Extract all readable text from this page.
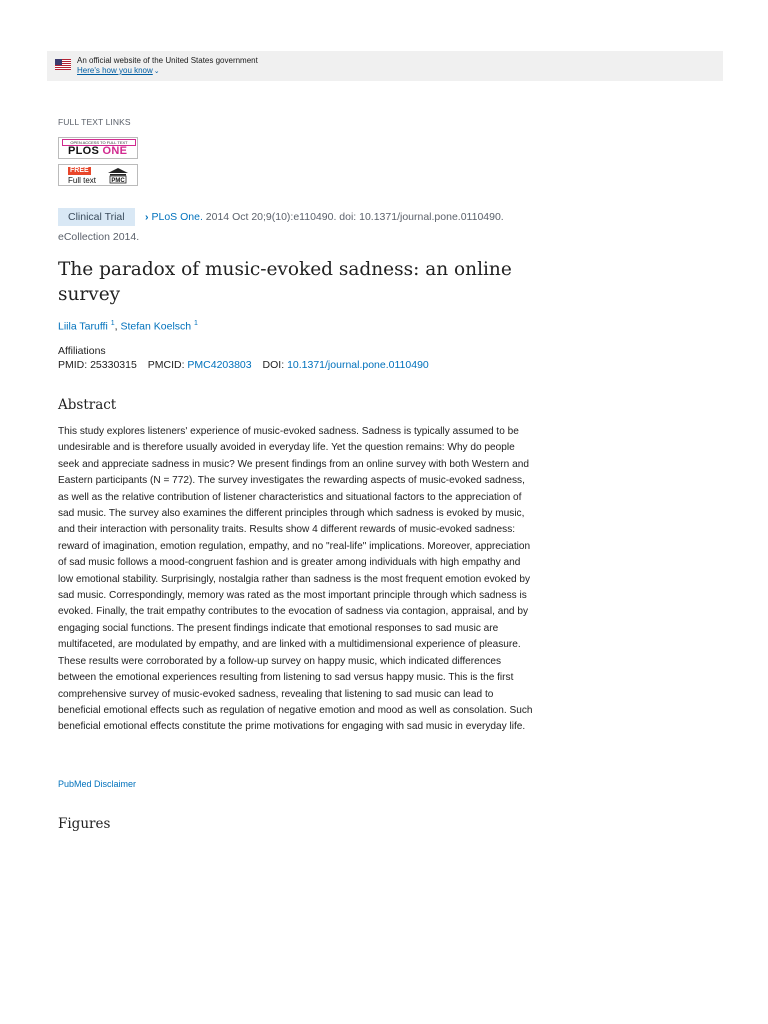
An official website of the United States government
Here's how you know⌄
FULL TEXT LINKS
OPEN ACCESS TO FULL TEXT
PLOS ONE
FREE
Full text	PMC
Clinical Trial	› PLoS One. 2014 Oct 20;9(10):e110490. doi: 10.1371/journal.pone.0110490.
eCollection 2014.
The paradox of music-evoked sadness: an online survey
Liila Taruffi $^1$, Stefan Koelsch $^1$
Affiliations
PMID: 25330315 PMCID: PMC4203803 DOI: 10.1371/journal.pone.0110490
Abstract

This study explores listeners' experience of music-evoked sadness. Sadness is typically assumed to be undesirable and is therefore usually avoided in everyday life. Yet the question remains: Why do people seek and appreciate sadness in music? We present findings from an online survey with both Western and Eastern participants (N = 772). The survey investigates the rewarding aspects of music-evoked sadness, as well as the relative contribution of listener characteristics and situational factors to the appreciation of sad music. The survey also examines the different principles through which sadness is evoked by music, and their interaction with personality traits. Results show 4 different rewards of music-evoked sadness: reward of imagination, emotion regulation, empathy, and no "real-life" implications. Moreover, appreciation of sad music follows a mood-congruent fashion and is greater among individuals with high empathy and low emotional stability. Surprisingly, nostalgia rather than sadness is the most frequent emotion evoked by sad music. Correspondingly, memory was rated as the most important principle through which sadness is evoked. Finally, the trait empathy contributes to the evocation of sadness via contagion, appraisal, and by engaging social functions. The present findings indicate that emotional responses to sad music are multifaceted, are modulated by empathy, and are linked with a multidimensional experience of pleasure. These results were corroborated by a follow-up survey on happy music, which indicated differences between the emotional experiences resulting from listening to sad versus happy music. This is the first comprehensive survey of music-evoked sadness, revealing that listening to sad music can lead to beneficial emotional effects such as regulation of negative emotion and mood as well as consolation. Such beneficial emotional effects constitute the prime motivations for engaging with sad music in everyday life.

PubMed Disclaimer
Figures
